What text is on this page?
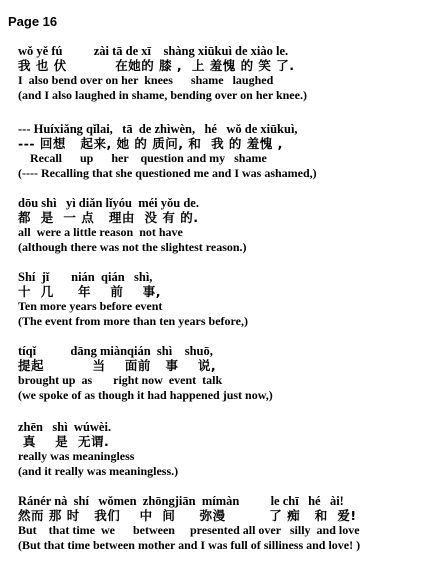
Page 16
wǒ yě fú          zài tā de xī    shàng xiūkuì de xiào le.
我 也 伏          在她的 膝 ,  上 羞愧 的 笑 了.
I  also bend over on her  knees      shame   laughed
(and I also laughed in shame, bending over on her knee.)
--- Huíxiǎng qǐlai,   tā  de zhìwèn,   hé   wǒ de xiūkuì,
--- 回想   起来, 她 的 质问, 和  我 的 羞愧 ,
Recall      up      her    question and my   shame
(---- Recalling that she questioned me and I was ashamed,)
dōu shì   yì diǎn lǐyóu  méi yǒu de.
都  是  一 点   理由  没 有 的.
all  were a little reason  not have
(although there was not the slightest reason.)
Shí  jǐ       nián  qián   shì,
十  几     年    前    事,
Ten more years before event
(The event from more than ten years before,)
tíqǐ           dāng miànqián  shì    shuō,
提起          当    面前   事    说,
brought up  as       right now  event  talk
(we spoke of as though it had happened just now,)
zhēn   shì  wúwèi.
真    是  无谓.
really was meaningless
(and it really was meaningless.)
Ránér nà  shí   wǒmen  zhōngjiān  mímàn          le chī   hé   ài!
然而 那 时   我们    中  间     弥漫         了 痴   和  爱!
But    that time  we      between     presented all over   silly  and love
(But that time between mother and I was full of silliness and love! )
